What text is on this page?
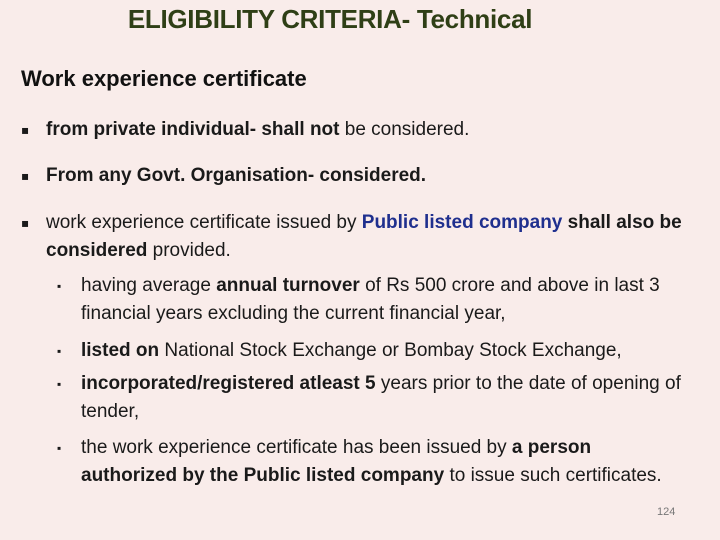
ELIGIBILITY CRITERIA- Technical
Work experience certificate
▪ from private individual- shall not be considered.
▪ From any Govt. Organisation- considered.
▪ work experience certificate issued by Public listed company shall also be considered provided.
▪ having average annual turnover of Rs 500 crore and above in last 3 financial years excluding the current financial year,
▪ listed on National Stock Exchange or Bombay Stock Exchange,
▪ incorporated/registered atleast 5 years prior to the date of opening of tender,
▪ the work experience certificate has been issued by a person authorized by the Public listed company to issue such certificates.
124
